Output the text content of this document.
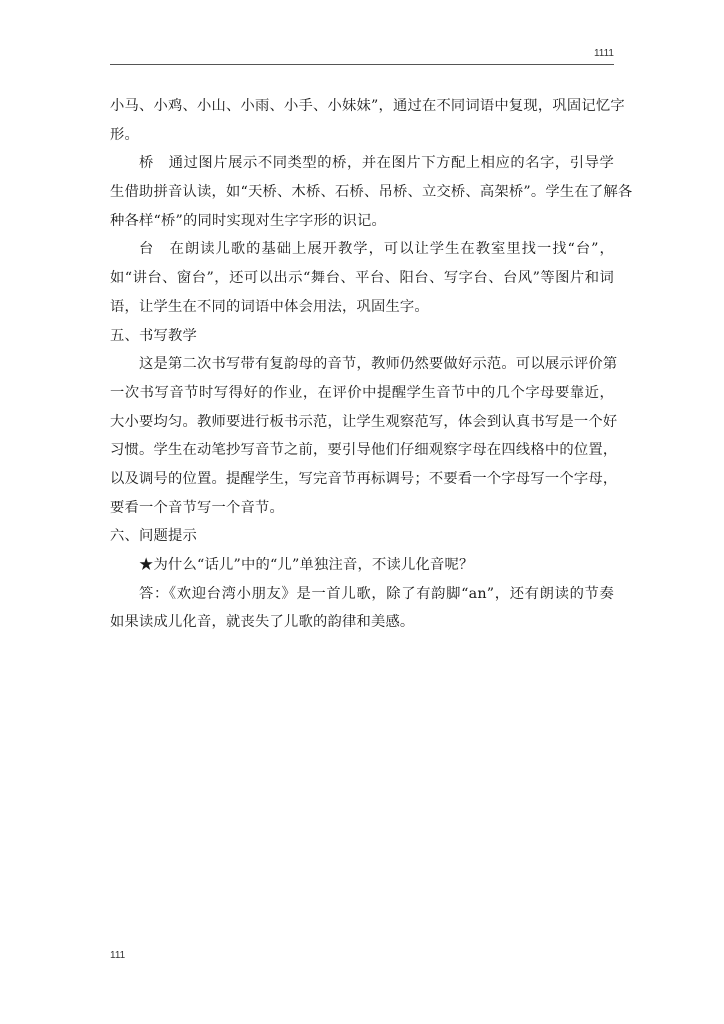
1111
小马、小鸡、小山、小雨、小手、小妹妹”，通过在不同词语中复现，巩固记忆字
形。
桥　通过图片展示不同类型的桥，并在图片下方配上相应的名字，引导学
生借助拼音认读，如“天桥、木桥、石桥、吊桥、立交桥、高架桥”。学生在了解各
种各样“桥”的同时实现对生字字形的识记。
台　在朗读儿歌的基础上展开教学，可以让学生在教室里找一找“台”，
如“讲台、窗台”，还可以出示“舞台、平台、阳台、写字台、台风”等图片和词
语，让学生在不同的词语中体会用法，巩固生字。
五、书写教学
这是第二次书写带有复韵母的音节，教师仍然要做好示范。可以展示评价第
一次书写音节时写得好的作业，在评价中提醒学生音节中的几个字母要靠近，
大小要均匀。教师要进行板书示范，让学生观察范写，体会到认真书写是一个好
习惯。学生在动笔抄写音节之前，要引导他们仔细观察字母在四线格中的位置，
以及调号的位置。提醒学生，写完音节再标调号；不要看一个字母写一个字母，
要看一个音节写一个音节。
六、问题提示
★为什么“话儿”中的“儿”单独注音，不读儿化音呢？
答：《欢迎台湾小朋友》是一首儿歌，除了有韵脚“an”，还有朗读的节奏
如果读成儿化音，就丧失了儿歌的韵律和美感。
111
